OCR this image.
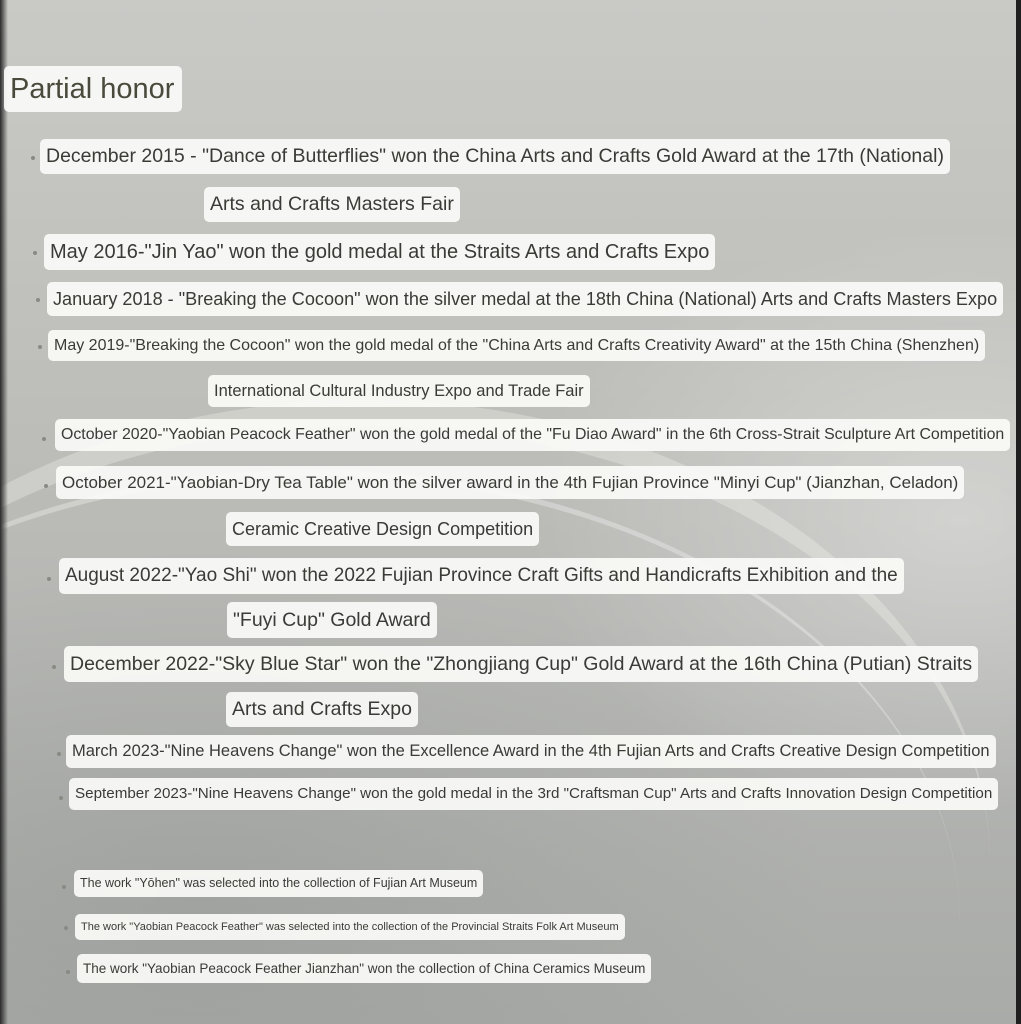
Partial honor
December 2015 - "Dance of Butterflies" won the China Arts and Crafts Gold Award at the 17th (National)
Arts and Crafts Masters Fair
May 2016-"Jin Yao" won the gold medal at the Straits Arts and Crafts Expo
January 2018 - "Breaking the Cocoon" won the silver medal at the 18th China (National) Arts and Crafts Masters Expo
May 2019-"Breaking the Cocoon" won the gold medal of the "China Arts and Crafts Creativity Award" at the 15th China (Shenzhen)
International Cultural Industry Expo and Trade Fair
October 2020-"Yaobian Peacock Feather" won the gold medal of the "Fu Diao Award" in the 6th Cross-Strait Sculpture Art Competition
October 2021-"Yaobian-Dry Tea Table" won the silver award in the 4th Fujian Province "Minyi Cup" (Jianzhan, Celadon)
Ceramic Creative Design Competition
August 2022-"Yao Shi" won the 2022 Fujian Province Craft Gifts and Handicrafts Exhibition and the
"Fuyi Cup" Gold Award
December 2022-"Sky Blue Star" won the "Zhongjiang Cup" Gold Award at the 16th China (Putian) Straits
Arts and Crafts Expo
March 2023-"Nine Heavens Change" won the Excellence Award in the 4th Fujian Arts and Crafts Creative Design Competition
September 2023-"Nine Heavens Change" won the gold medal in the 3rd "Craftsman Cup" Arts and Crafts Innovation Design Competition
The work "Yōhen" was selected into the collection of Fujian Art Museum
The work "Yaobian Peacock Feather" was selected into the collection of the Provincial Straits Folk Art Museum
The work "Yaobian Peacock Feather Jianzhan" won the collection of China Ceramics Museum
